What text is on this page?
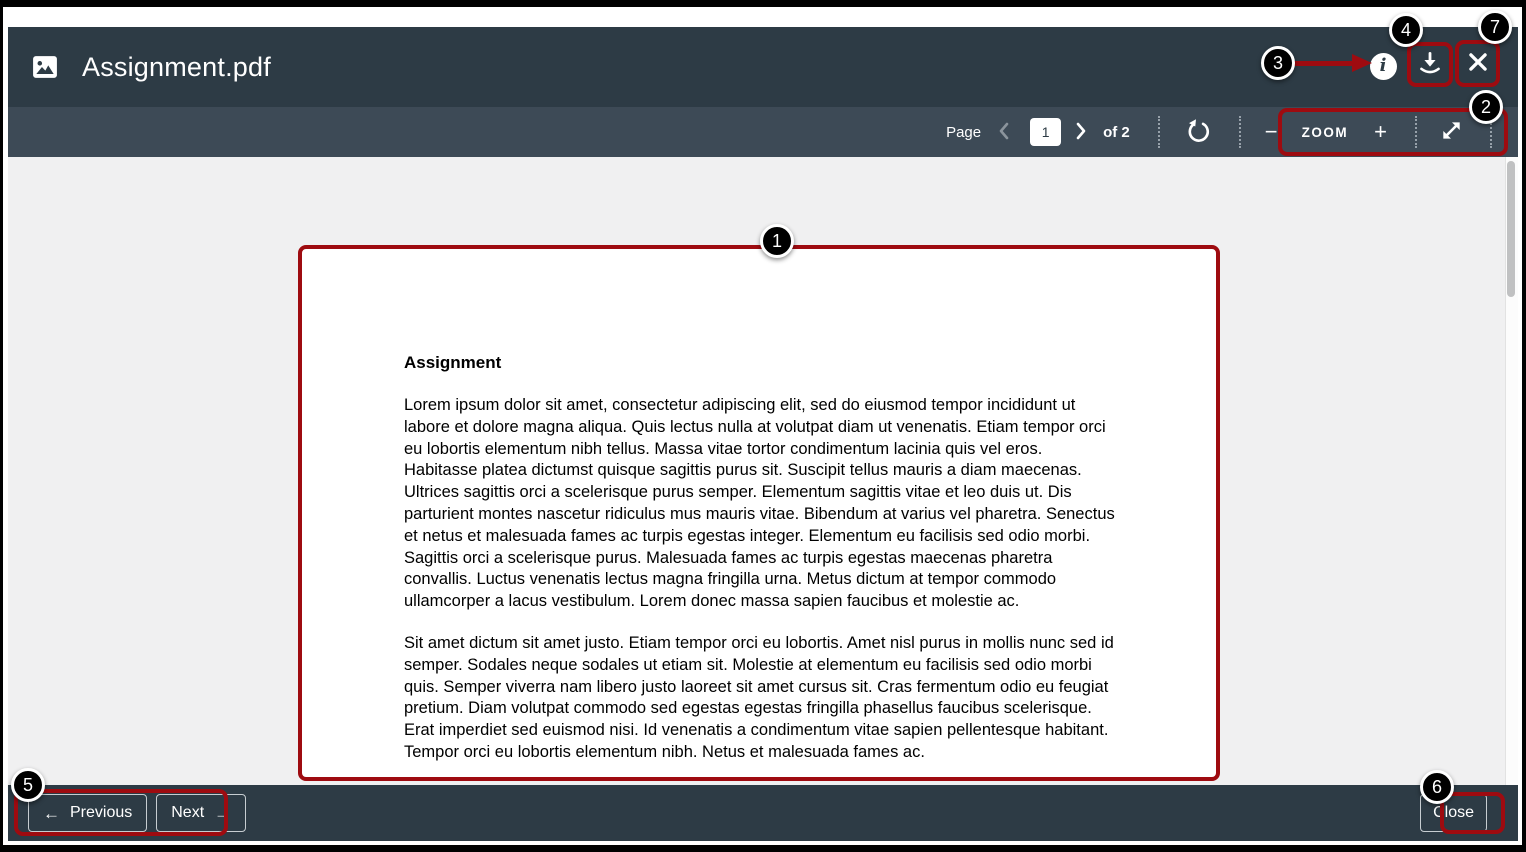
Assignment.pdf	i
Page
1	of 2	− ZOOM +
Assignment

Lorem ipsum dolor sit amet, consectetur adipiscing elit, sed do eiusmod tempor incididunt ut labore et dolore magna aliqua. Quis lectus nulla at volutpat diam ut venenatis. Etiam tempor orci eu lobortis elementum nibh tellus. Massa vitae tortor condimentum lacinia quis vel eros. Habitasse platea dictumst quisque sagittis purus sit. Suscipit tellus mauris a diam maecenas. Ultrices sagittis orci a scelerisque purus semper. Elementum sagittis vitae et leo duis ut. Dis parturient montes nascetur ridiculus mus mauris vitae. Bibendum at varius vel pharetra. Senectus et netus et malesuada fames ac turpis egestas integer. Elementum eu facilisis sed odio morbi. Sagittis orci a scelerisque purus. Malesuada fames ac turpis egestas maecenas pharetra convallis. Luctus venenatis lectus magna fringilla urna. Metus dictum at tempor commodo ullamcorper a lacus vestibulum. Lorem donec massa sapien faucibus et molestie ac.

Sit amet dictum sit amet justo. Etiam tempor orci eu lobortis. Amet nisl purus in mollis nunc sed id semper. Sodales neque sodales ut etiam sit. Molestie at elementum eu facilisis sed odio morbi quis. Semper viverra nam libero justo laoreet sit amet cursus sit. Cras fermentum odio eu feugiat pretium. Diam volutpat commodo sed egestas egestas fringilla phasellus faucibus scelerisque. Erat imperdiet sed euismod nisi. Id venenatis a condimentum vitae sapien pellentesque habitant. Tempor orci eu lobortis elementum nibh. Netus et malesuada fames ac.

← Previous Next →	Close
1
2
3
4
5	6
7
